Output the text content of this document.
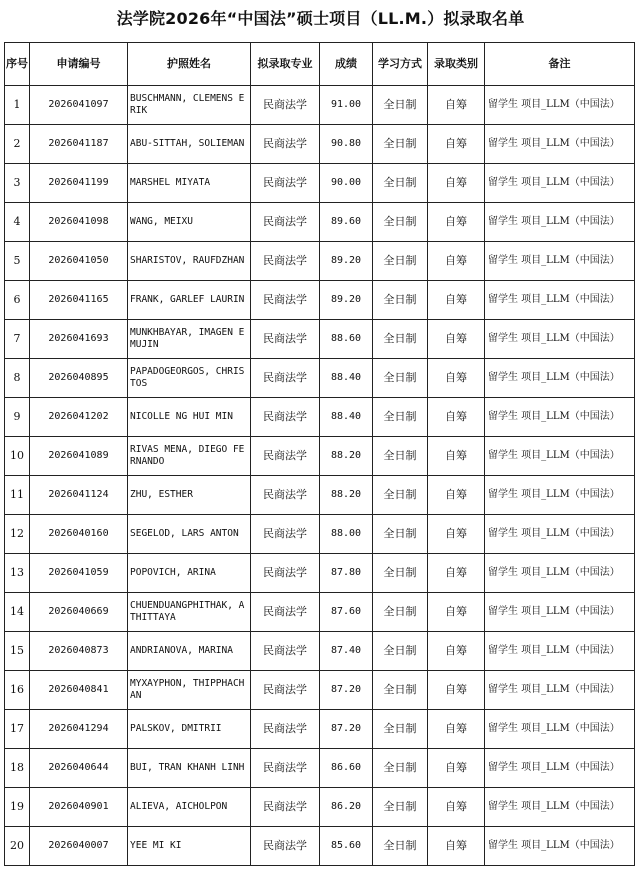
法学院2026年“中国法”硕士项目（LL.M.）拟录取名单
序号	申请编号	护照姓名	拟录取专业	成绩	学习方式	录取类别	备注
1	2026041097	BUSCHMANN, CLEMENS ERIK	民商法学	91.00	全日制	自筹	留学生 项目_LLM（中国法）
2	2026041187	ABU-SITTAH, SOLIEMAN	民商法学	90.80	全日制	自筹	留学生 项目_LLM（中国法）
3	2026041199	MARSHEL MIYATA	民商法学	90.00	全日制	自筹	留学生 项目_LLM（中国法）
4	2026041098	WANG, MEIXU	民商法学	89.60	全日制	自筹	留学生 项目_LLM（中国法）
5	2026041050	SHARISTOV, RAUFDZHAN	民商法学	89.20	全日制	自筹	留学生 项目_LLM（中国法）
6	2026041165	FRANK, GARLEF LAURIN	民商法学	89.20	全日制	自筹	留学生 项目_LLM（中国法）
7	2026041693	MUNKHBAYAR, IMAGEN EMUJIN	民商法学	88.60	全日制	自筹	留学生 项目_LLM（中国法）
8	2026040895	PAPADOGEORGOS, CHRISTOS	民商法学	88.40	全日制	自筹	留学生 项目_LLM（中国法）
9	2026041202	NICOLLE NG HUI MIN	民商法学	88.40	全日制	自筹	留学生 项目_LLM（中国法）
10	2026041089	RIVAS MENA, DIEGO FERNANDO	民商法学	88.20	全日制	自筹	留学生 项目_LLM（中国法）
11	2026041124	ZHU, ESTHER	民商法学	88.20	全日制	自筹	留学生 项目_LLM（中国法）
12	2026040160	SEGELOD, LARS ANTON	民商法学	88.00	全日制	自筹	留学生 项目_LLM（中国法）
13	2026041059	POPOVICH, ARINA	民商法学	87.80	全日制	自筹	留学生 项目_LLM（中国法）
14	2026040669	CHUENDUANGPHITHAK, ATHITTAYA	民商法学	87.60	全日制	自筹	留学生 项目_LLM（中国法）
15	2026040873	ANDRIANOVA, MARINA	民商法学	87.40	全日制	自筹	留学生 项目_LLM（中国法）
16	2026040841	MYXAYPHON, THIPPHACHAN	民商法学	87.20	全日制	自筹	留学生 项目_LLM（中国法）
17	2026041294	PALSKOV, DMITRII	民商法学	87.20	全日制	自筹	留学生 项目_LLM（中国法）
18	2026040644	BUI, TRAN KHANH LINH	民商法学	86.60	全日制	自筹	留学生 项目_LLM（中国法）
19	2026040901	ALIEVA, AICHOLPON	民商法学	86.20	全日制	自筹	留学生 项目_LLM（中国法）
20	2026040007	YEE MI KI	民商法学	85.60	全日制	自筹	留学生 项目_LLM（中国法）
